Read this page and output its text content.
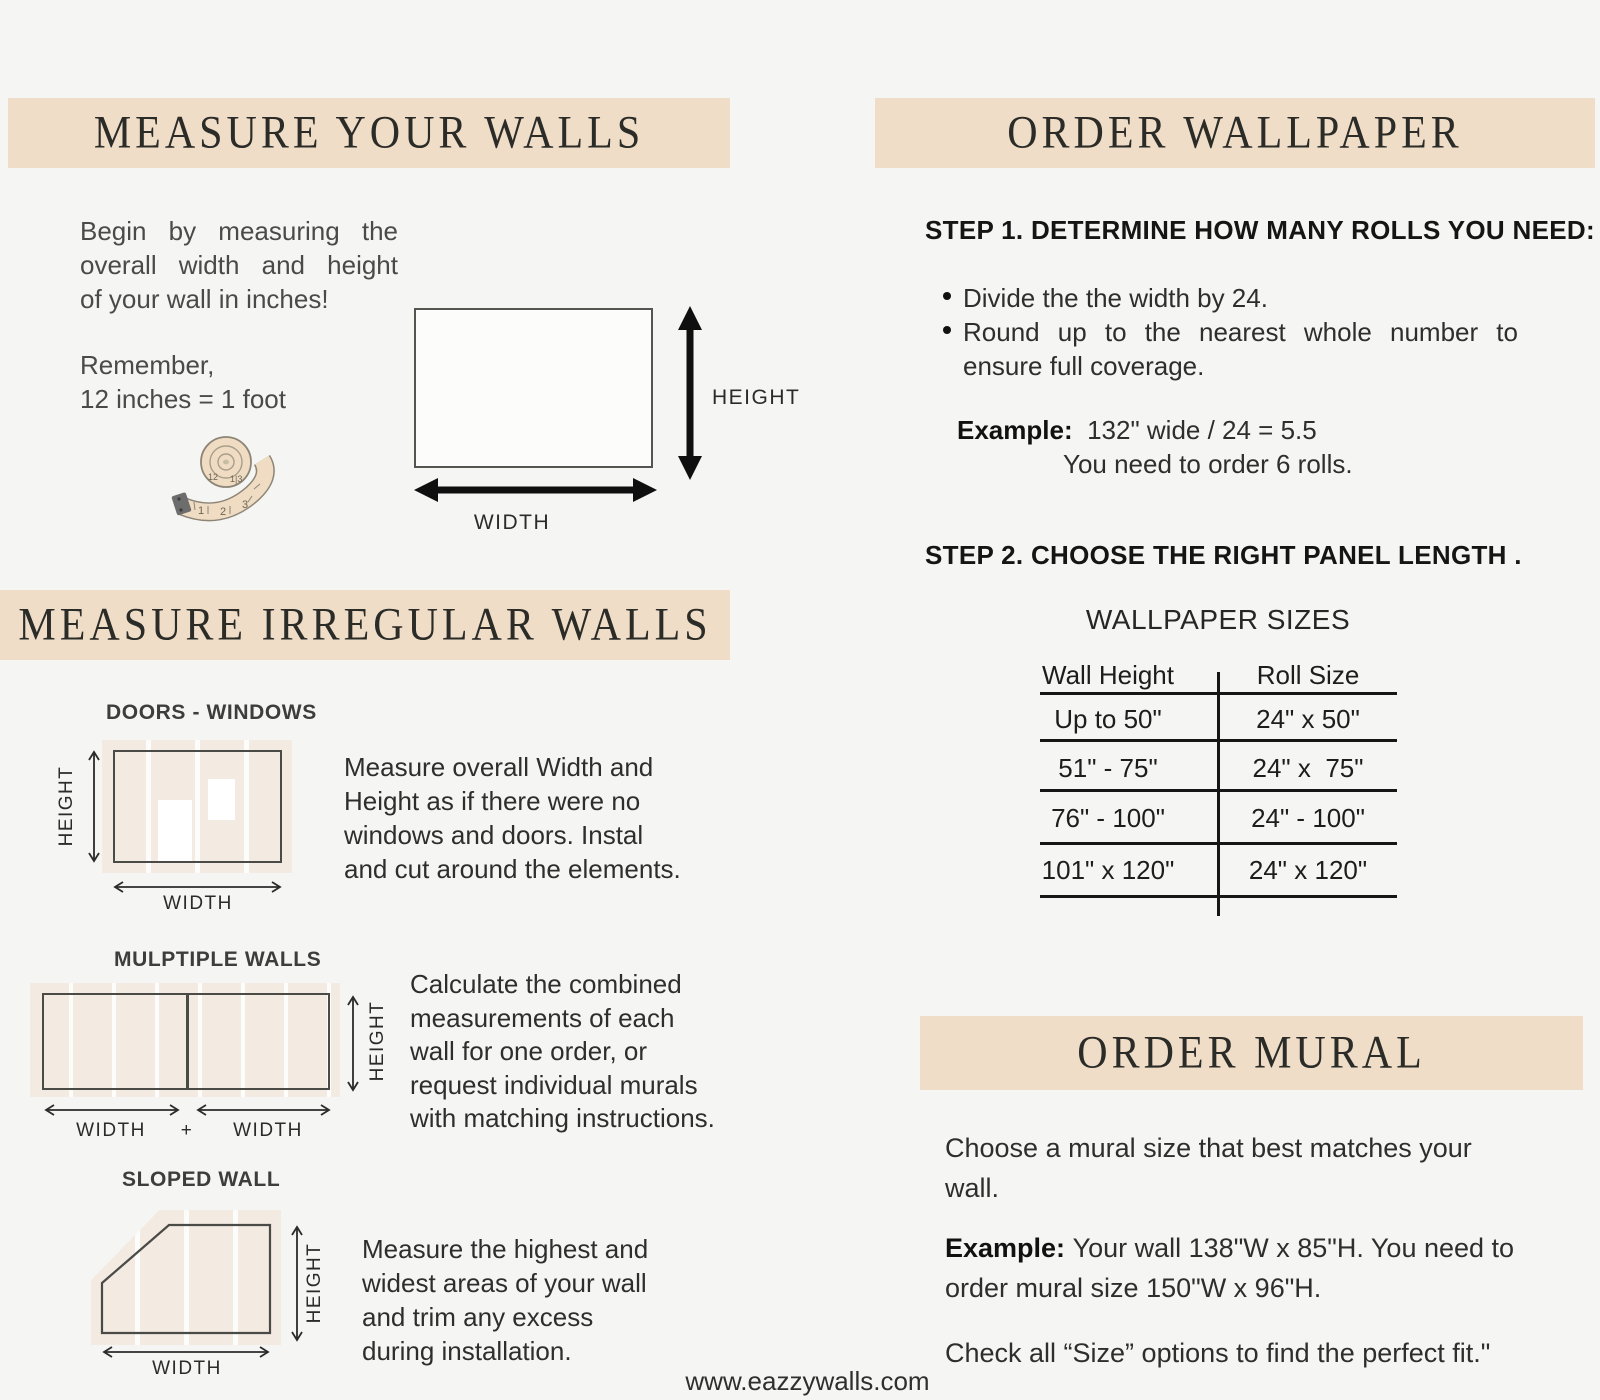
MEASURE YOUR WALLS
Begin by measuring the
overall width and height
of your wall in inches!
Remember,
12 inches = 1 foot
1 2
3
12 1|3
HEIGHT
WIDTH
MEASURE IRREGULAR WALLS
DOORS - WINDOWS
HEIGHT
WIDTH
Measure overall Width and
Height as if there were no
windows and doors. Instal
and cut around the elements.
MULPTIPLE WALLS
HEIGHT
WIDTH + WIDTH
Calculate the combined
measurements of each
wall for one order, or
request individual murals
with matching instructions.
SLOPED WALL
HEIGHT
WIDTH
Measure the highest and
widest areas of your wall
and trim any excess
during installation.
ORDER WALLPAPER
STEP 1. DETERMINE HOW MANY ROLLS YOU NEED:
Divide the the width by 24.
Round up to the nearest whole number to
ensure full coverage.
Example: 132" wide / 24 = 5.5
You need to order 6 rolls.
STEP 2. CHOOSE THE RIGHT PANEL LENGTH .
WALLPAPER SIZES
Wall Height	Roll Size
Up to 50"	24" x 50"
51" - 75"	24" x  75"
76" - 100"	24" - 100"
101" x 120"	24" x 120"
ORDER MURAL
Choose a mural size that best matches your
wall.
Example: Your wall 138"W x 85"H. You need to
order mural size 150"W x 96"H.
Check all “Size” options to find the perfect fit."
www.eazzywalls.com
